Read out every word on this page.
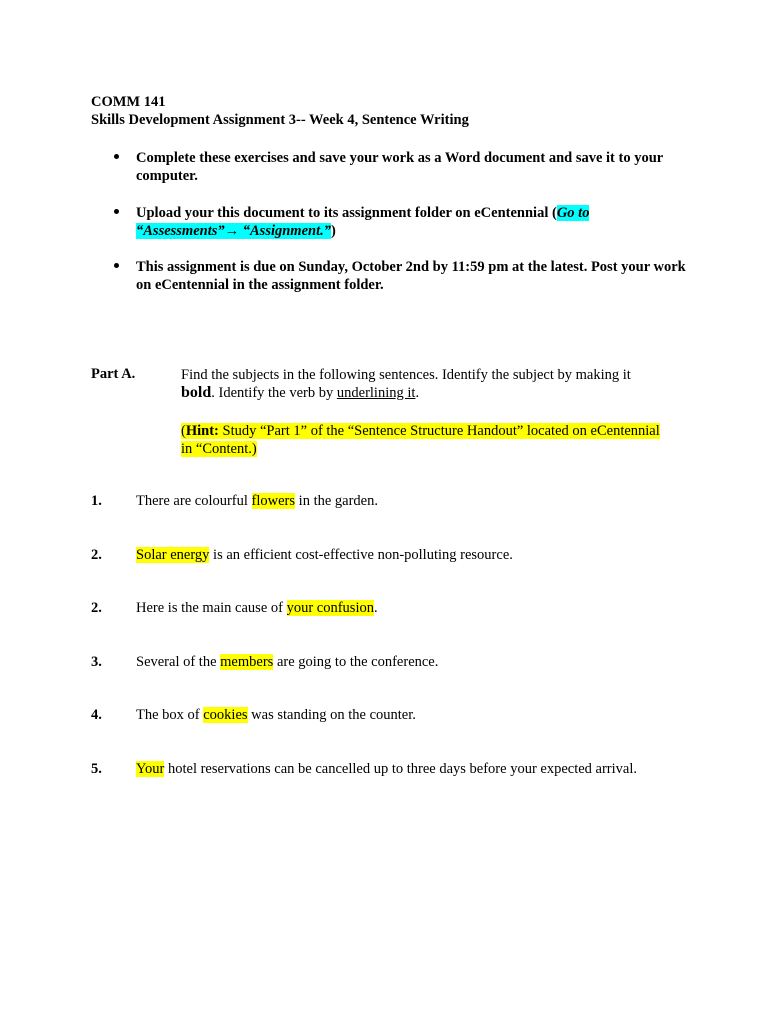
COMM 141
Skills Development Assignment 3-- Week 4, Sentence Writing
Complete these exercises and save your work as a Word document and save it to your computer.
Upload your this document to its assignment folder on eCentennial (Go to “Assessments”→ “Assignment.”)
This assignment is due on Sunday, October 2nd by 11:59 pm at the latest. Post your work on eCentennial in the assignment folder.
Part A.	Find the subjects in the following sentences. Identify the subject by making it
bold. Identify the verb by underlining it.
(Hint: Study “Part 1” of the “Sentence Structure Handout” located on eCentennial in “Content.)
1. There are colourful flowers in the garden.
2. Solar energy is an efficient cost-effective non-polluting resource.
2. Here is the main cause of your confusion.
3. Several of the members are going to the conference.
4. The box of cookies was standing on the counter.
5. Your hotel reservations can be cancelled up to three days before your expected arrival.
